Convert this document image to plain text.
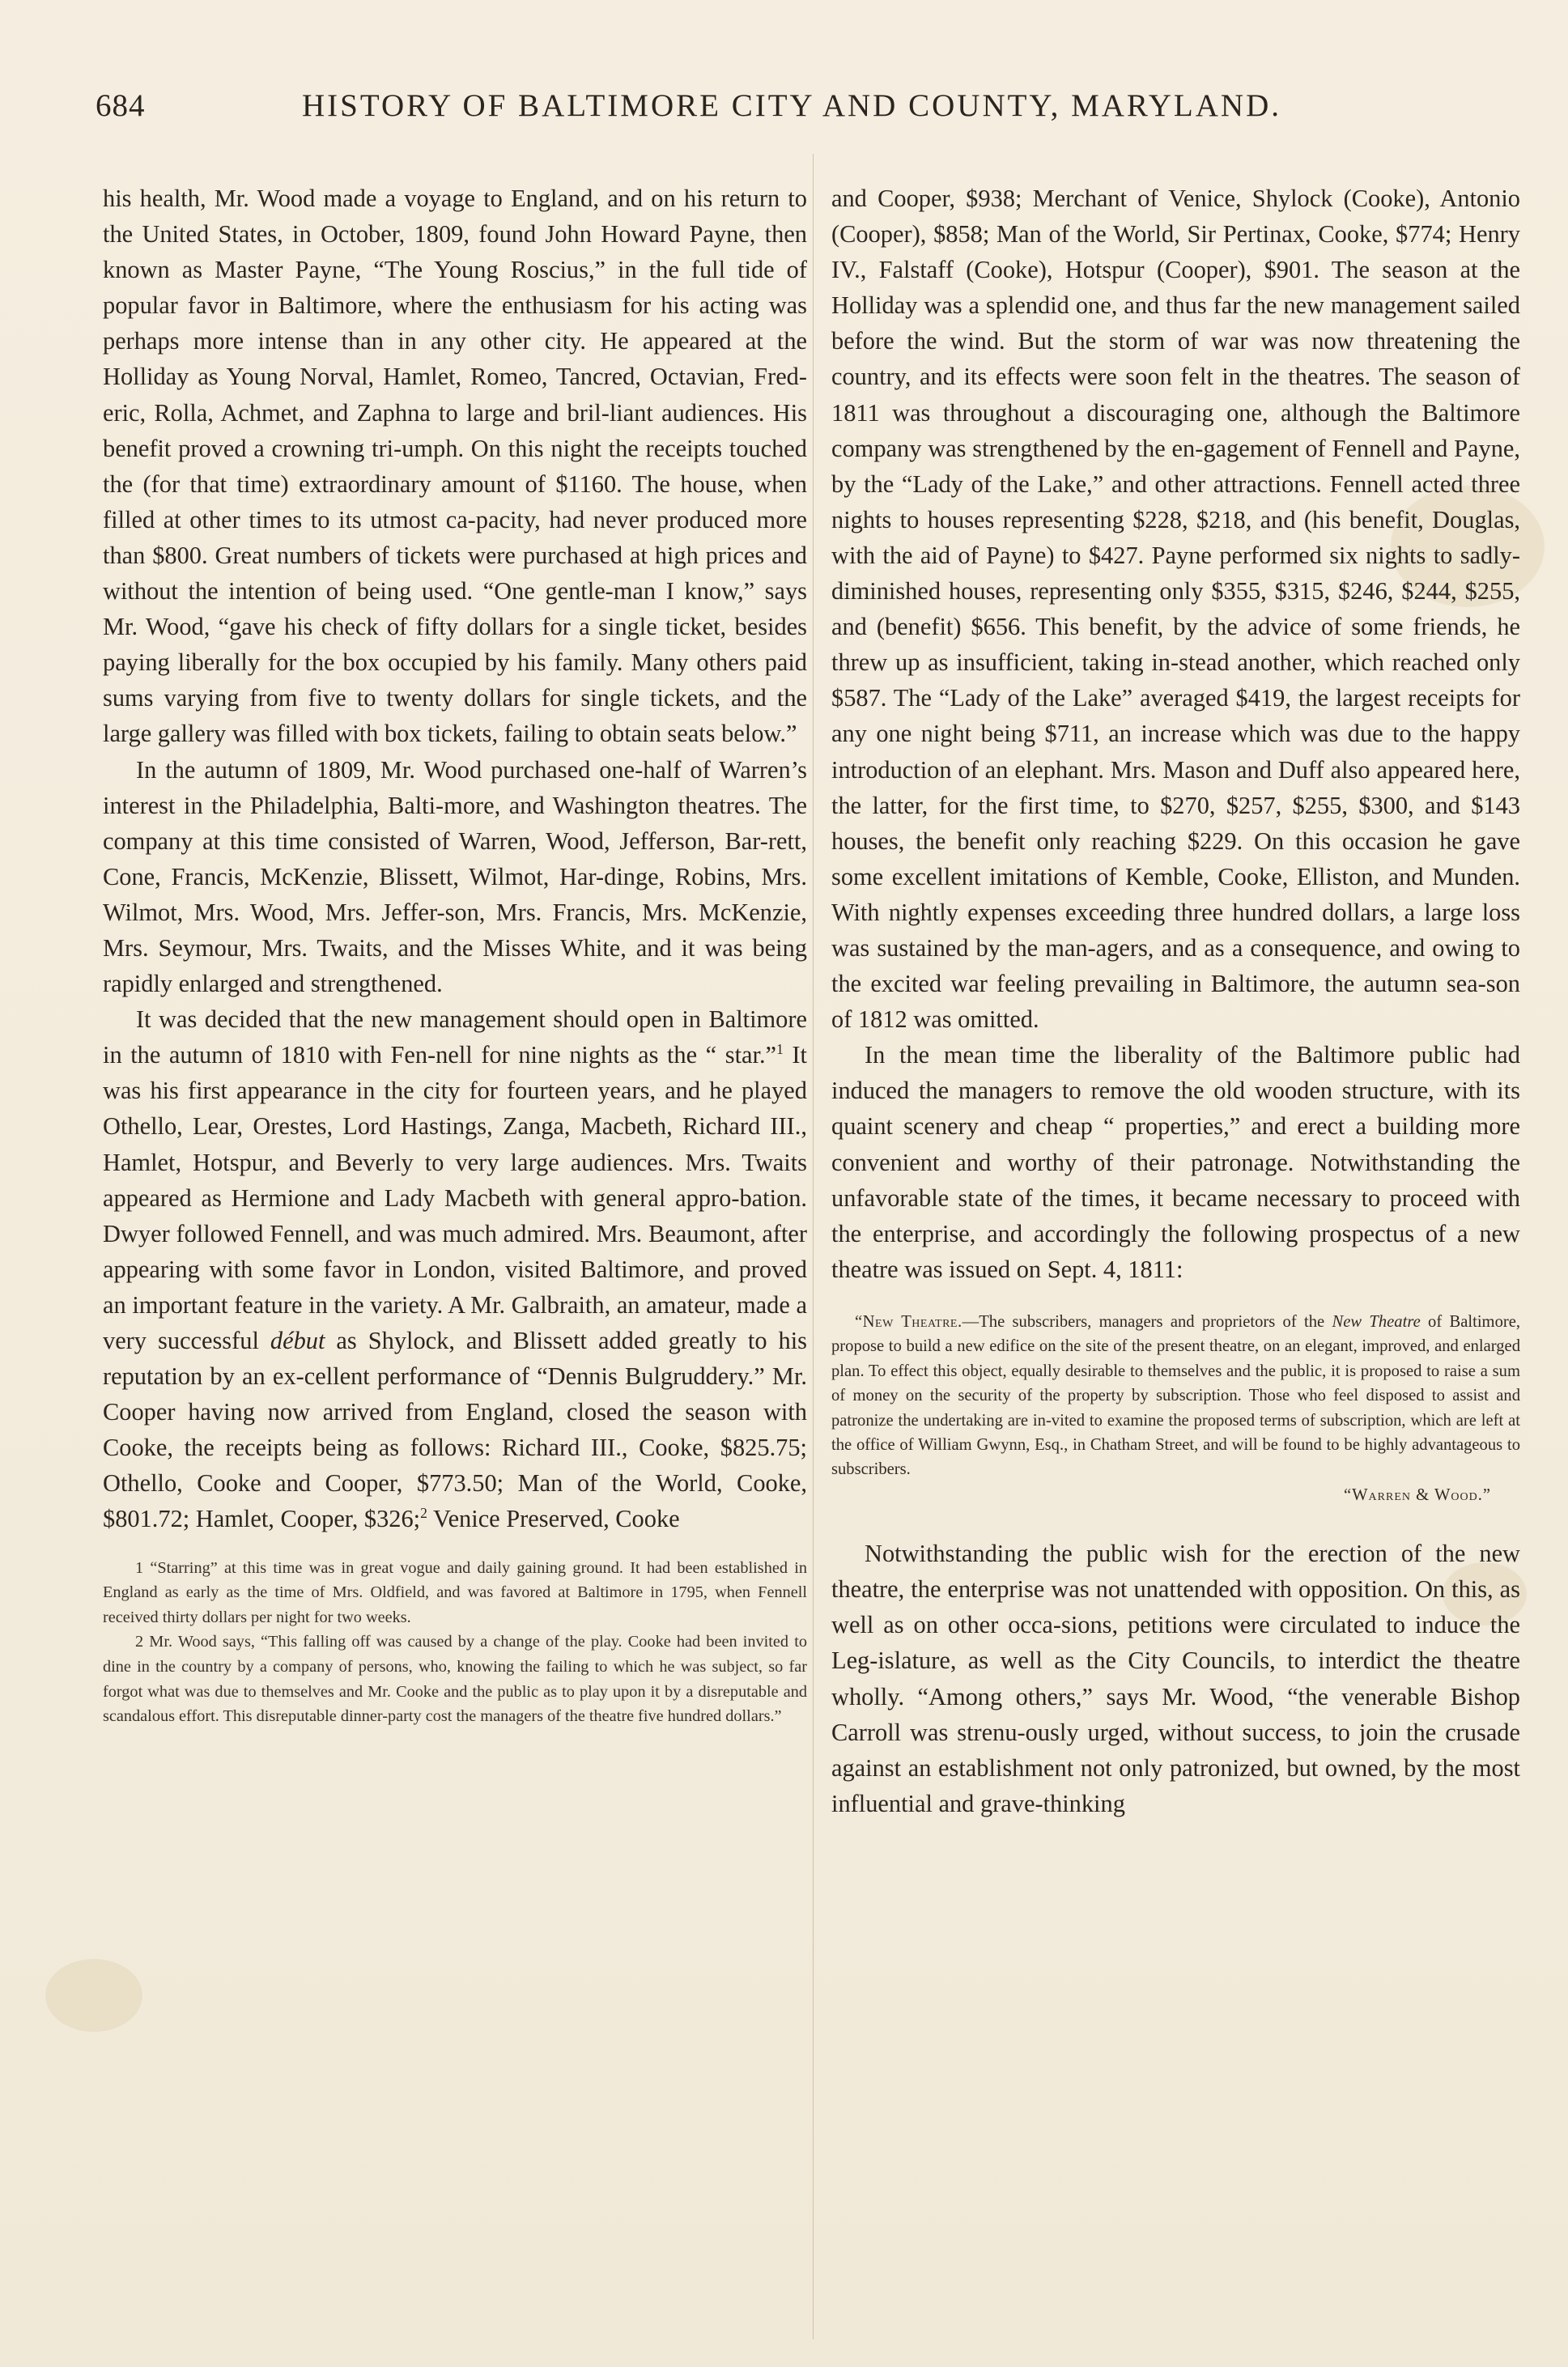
684	HISTORY OF BALTIMORE CITY AND COUNTY, MARYLAND.

his health, Mr. Wood made a voyage to England, and on his return to the United States, in October, 1809, found John Howard Payne, then known as Master Payne, “The Young Roscius,” in the full tide of popular favor in Baltimore, where the enthusiasm for his acting was perhaps more intense than in any other city. He appeared at the Holliday as Young Norval, Hamlet, Romeo, Tancred, Octavian, Fred-eric, Rolla, Achmet, and Zaphna to large and bril-liant audiences. His benefit proved a crowning tri-umph. On this night the receipts touched the (for that time) extraordinary amount of $1160. The house, when filled at other times to its utmost ca-pacity, had never produced more than $800. Great numbers of tickets were purchased at high prices and without the intention of being used. “One gentle-man I know,” says Mr. Wood, “gave his check of fifty dollars for a single ticket, besides paying liberally for the box occupied by his family. Many others paid sums varying from five to twenty dollars for single tickets, and the large gallery was filled with box tickets, failing to obtain seats below.”

In the autumn of 1809, Mr. Wood purchased one-half of Warren’s interest in the Philadelphia, Balti-more, and Washington theatres. The company at this time consisted of Warren, Wood, Jefferson, Bar-rett, Cone, Francis, McKenzie, Blissett, Wilmot, Har-dinge, Robins, Mrs. Wilmot, Mrs. Wood, Mrs. Jeffer-son, Mrs. Francis, Mrs. McKenzie, Mrs. Seymour, Mrs. Twaits, and the Misses White, and it was being rapidly enlarged and strengthened.

It was decided that the new management should open in Baltimore in the autumn of 1810 with Fen-nell for nine nights as the “ star.”$^1$ It was his first appearance in the city for fourteen years, and he played Othello, Lear, Orestes, Lord Hastings, Zanga, Macbeth, Richard III., Hamlet, Hotspur, and Beverly to very large audiences. Mrs. Twaits appeared as Hermione and Lady Macbeth with general appro-bation. Dwyer followed Fennell, and was much admired. Mrs. Beaumont, after appearing with some favor in London, visited Baltimore, and proved an important feature in the variety. A Mr. Galbraith, an amateur, made a very successful début as Shylock, and Blissett added greatly to his reputation by an ex-cellent performance of “Dennis Bulgruddery.” Mr. Cooper having now arrived from England, closed the season with Cooke, the receipts being as follows: Richard III., Cooke, $825.75; Othello, Cooke and Cooper, $773.50; Man of the World, Cooke, $801.72; Hamlet, Cooper, $326;$^2$ Venice Preserved, Cooke

1 “Starring” at this time was in great vogue and daily gaining ground. It had been established in England as early as the time of Mrs. Oldfield, and was favored at Baltimore in 1795, when Fennell received thirty dollars per night for two weeks.

2 Mr. Wood says, “This falling off was caused by a change of the play. Cooke had been invited to dine in the country by a company of persons, who, knowing the failing to which he was subject, so far forgot what was due to themselves and Mr. Cooke and the public as to play upon it by a disreputable and scandalous effort. This disreputable dinner-party cost the managers of the theatre five hundred dollars.”

and Cooper, $938; Merchant of Venice, Shylock (Cooke), Antonio (Cooper), $858; Man of the World, Sir Pertinax, Cooke, $774; Henry IV., Falstaff (Cooke), Hotspur (Cooper), $901. The season at the Holliday was a splendid one, and thus far the new management sailed before the wind. But the storm of war was now threatening the country, and its effects were soon felt in the theatres. The season of 1811 was throughout a discouraging one, although the Baltimore company was strengthened by the en-gagement of Fennell and Payne, by the “Lady of the Lake,” and other attractions. Fennell acted three nights to houses representing $228, $218, and (his benefit, Douglas, with the aid of Payne) to $427. Payne performed six nights to sadly-diminished houses, representing only $355, $315, $246, $244, $255, and (benefit) $656. This benefit, by the advice of some friends, he threw up as insufficient, taking in-stead another, which reached only $587. The “Lady of the Lake” averaged $419, the largest receipts for any one night being $711, an increase which was due to the happy introduction of an elephant. Mrs. Mason and Duff also appeared here, the latter, for the first time, to $270, $257, $255, $300, and $143 houses, the benefit only reaching $229. On this occasion he gave some excellent imitations of Kemble, Cooke, Elliston, and Munden. With nightly expenses exceeding three hundred dollars, a large loss was sustained by the man-agers, and as a consequence, and owing to the excited war feeling prevailing in Baltimore, the autumn sea-son of 1812 was omitted.

In the mean time the liberality of the Baltimore public had induced the managers to remove the old wooden structure, with its quaint scenery and cheap “ properties,” and erect a building more convenient and worthy of their patronage. Notwithstanding the unfavorable state of the times, it became necessary to proceed with the enterprise, and accordingly the following prospectus of a new theatre was issued on Sept. 4, 1811:

“New Theatre.—The subscribers, managers and proprietors of the New Theatre of Baltimore, propose to build a new edifice on the site of the present theatre, on an elegant, improved, and enlarged plan. To effect this object, equally desirable to themselves and the public, it is proposed to raise a sum of money on the security of the property by subscription. Those who feel disposed to assist and patronize the undertaking are in-vited to examine the proposed terms of subscription, which are left at the office of William Gwynn, Esq., in Chatham Street, and will be found to be highly advantageous to subscribers.

“Warren & Wood.”

Notwithstanding the public wish for the erection of the new theatre, the enterprise was not unattended with opposition. On this, as well as on other occa-sions, petitions were circulated to induce the Leg-islature, as well as the City Councils, to interdict the theatre wholly. “Among others,” says Mr. Wood, “the venerable Bishop Carroll was strenu-ously urged, without success, to join the crusade against an establishment not only patronized, but owned, by the most influential and grave-thinking
